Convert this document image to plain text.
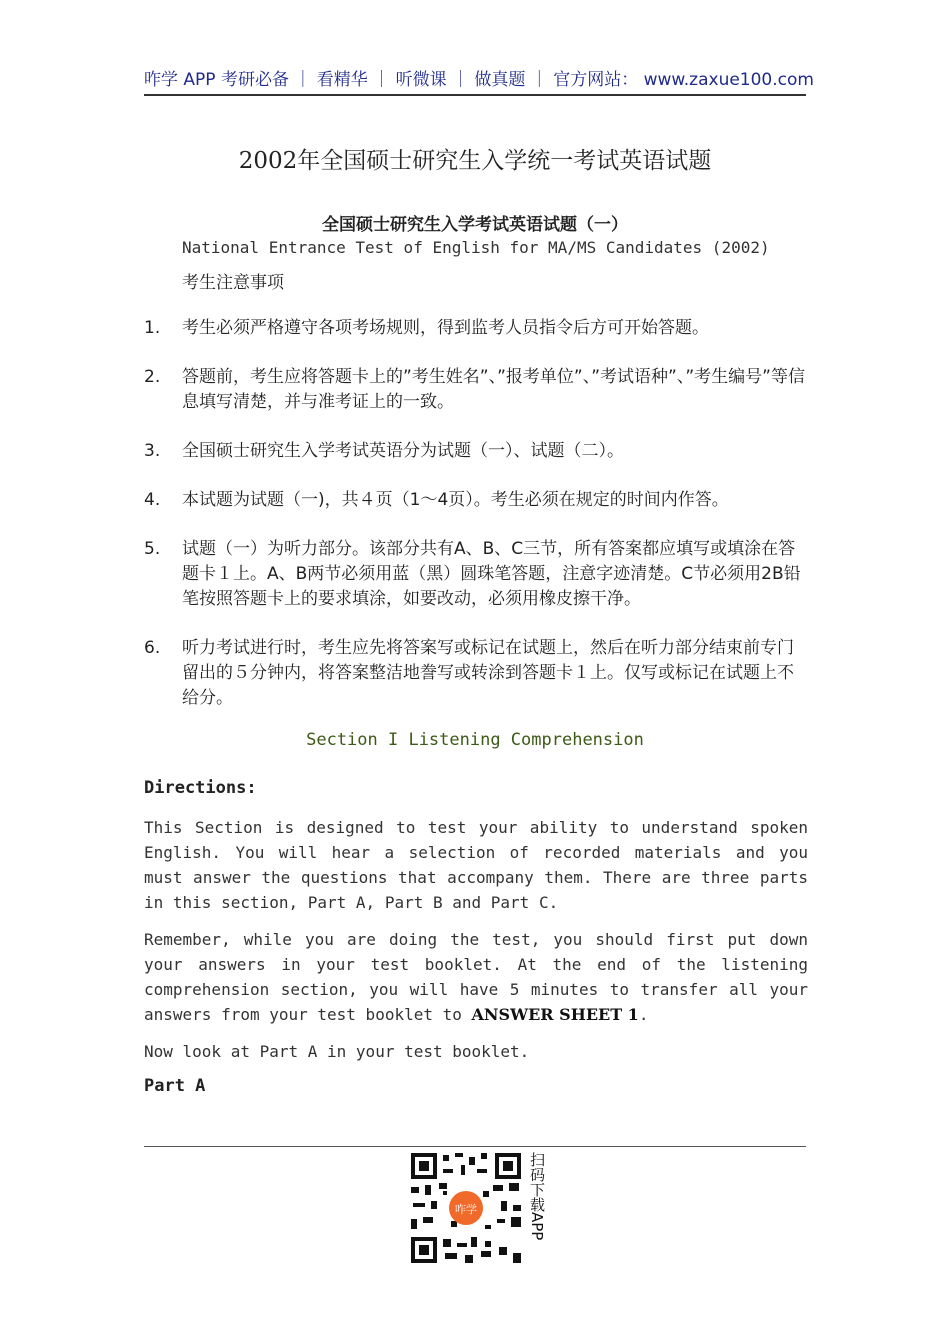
咋学 APP 考研必备 ｜ 看精华 ｜ 听微课 ｜ 做真题 ｜ 官方网站： www.zaxue100.com
2002年全国硕士研究生入学统一考试英语试题
全国硕士研究生入学考试英语试题（一）
National Entrance Test of English for MA/MS Candidates (2002)
考生注意事项
1.	考生必须严格遵守各项考场规则，得到监考人员指令后方可开始答题。
2.	答题前，考生应将答题卡上的”考生姓名”、”报考单位”、”考试语种”、”考生编号”等信息填写清楚，并与准考证上的一致。
3.	全国硕士研究生入学考试英语分为试题（一）、试题（二）。
4.	本试题为试题（一)，共４页（1～4页）。考生必须在规定的时间内作答。
5.	试题（一）为听力部分。该部分共有A、B、C三节，所有答案都应填写或填涂在答题卡１上。A、B两节必须用蓝（黑）圆珠笔答题，注意字迹清楚。C节必须用2B铅笔按照答题卡上的要求填涂，如要改动，必须用橡皮擦干净。
6.	听力考试进行时，考生应先将答案写或标记在试题上，然后在听力部分结束前专门留出的５分钟内，将答案整洁地誊写或转涂到答题卡１上。仅写或标记在试题上不给分。
Section I Listening Comprehension
Directions:
This Section is designed to test your ability to understand spoken English. You will hear a selection of recorded materials and you must answer the questions that accompany them. There are three parts in this section, Part A, Part B and Part C.
Remember, while you are doing the test, you should first put down your answers in your test booklet. At the end of the listening comprehension section, you will have 5 minutes to transfer all your answers from your test booklet to ANSWER SHEET 1.
Now look at Part A in your test booklet.
Part A
咋学	扫码下载APP
